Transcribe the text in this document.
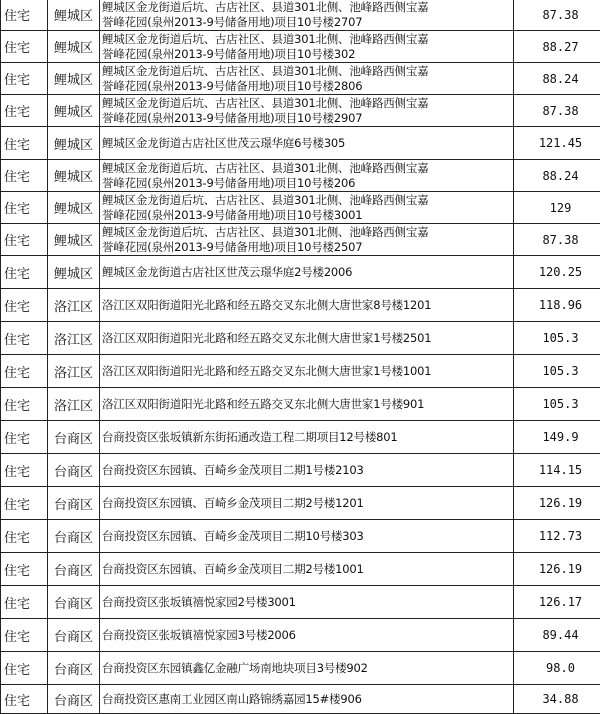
住宅	鲤城区	鲤城区金龙街道后坑、古店社区、县道301北侧、池峰路西侧宝嘉
誉峰花园(泉州2013-9号储备用地)项目10号楼2707	87.38
住宅	鲤城区	鲤城区金龙街道后坑、古店社区、县道301北侧、池峰路西侧宝嘉
誉峰花园(泉州2013-9号储备用地)项目10号楼302	88.27
住宅	鲤城区	鲤城区金龙街道后坑、古店社区、县道301北侧、池峰路西侧宝嘉
誉峰花园(泉州2013-9号储备用地)项目10号楼2806	88.24
住宅	鲤城区	鲤城区金龙街道后坑、古店社区、县道301北侧、池峰路西侧宝嘉
誉峰花园(泉州2013-9号储备用地)项目10号楼2907	87.38
住宅	鲤城区	鲤城区金龙街道古店社区世茂云璟华庭6号楼305	121.45
住宅	鲤城区	鲤城区金龙街道后坑、古店社区、县道301北侧、池峰路西侧宝嘉
誉峰花园(泉州2013-9号储备用地)项目10号楼206	88.24
住宅	鲤城区	鲤城区金龙街道后坑、古店社区、县道301北侧、池峰路西侧宝嘉
誉峰花园(泉州2013-9号储备用地)项目10号楼3001	129
住宅	鲤城区	鲤城区金龙街道后坑、古店社区、县道301北侧、池峰路西侧宝嘉
誉峰花园(泉州2013-9号储备用地)项目10号楼2507	87.38
住宅	鲤城区	鲤城区金龙街道古店社区世茂云璟华庭2号楼2006	120.25
住宅	洛江区	洛江区双阳街道阳光北路和经五路交叉东北侧大唐世家8号楼1201	118.96
住宅	洛江区	洛江区双阳街道阳光北路和经五路交叉东北侧大唐世家1号楼2501	105.3
住宅	洛江区	洛江区双阳街道阳光北路和经五路交叉东北侧大唐世家1号楼1001	105.3
住宅	洛江区	洛江区双阳街道阳光北路和经五路交叉东北侧大唐世家1号楼901	105.3
住宅	台商区	台商投资区张坂镇新东街拓通改造工程二期项目12号楼801	149.9
住宅	台商区	台商投资区东园镇、百崎乡金茂项目二期1号楼2103	114.15
住宅	台商区	台商投资区东园镇、百崎乡金茂项目二期2号楼1201	126.19
住宅	台商区	台商投资区东园镇、百崎乡金茂项目二期10号楼303	112.73
住宅	台商区	台商投资区东园镇、百崎乡金茂项目二期2号楼1001	126.19
住宅	台商区	台商投资区张坂镇禧悦家园2号楼3001	126.17
住宅	台商区	台商投资区张坂镇禧悦家园3号楼2006	89.44
住宅	台商区	台商投资区东园镇鑫亿金融广场南地块项目3号楼902	98.0
住宅	台商区	台商投资区惠南工业园区南山路锦绣嘉园15#楼906	34.88
